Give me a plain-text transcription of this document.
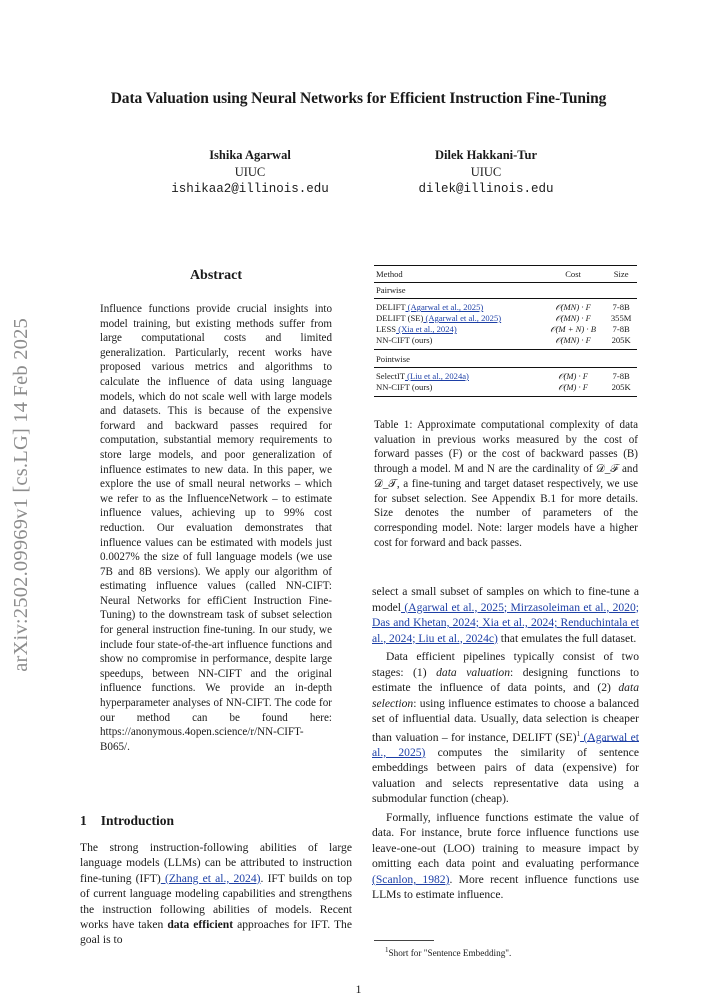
Data Valuation using Neural Networks for Efficient Instruction Fine-Tuning
Ishika Agarwal
UIUC
ishikaa2@illinois.edu
Dilek Hakkani-Tur
UIUC
dilek@illinois.edu
arXiv:2502.09969v1 [cs.LG] 14 Feb 2025
Abstract
Influence functions provide crucial insights into model training, but existing methods suffer from large computational costs and limited generalization. Particularly, recent works have proposed various metrics and algorithms to calculate the influence of data using language models, which do not scale well with large models and datasets. This is because of the expensive forward and backward passes required for computation, substantial memory requirements to store large models, and poor generalization of influence estimates to new data. In this paper, we explore the use of small neural networks – which we refer to as the InfluenceNetwork – to estimate influence values, achieving up to 99% cost reduction. Our evaluation demonstrates that influence values can be estimated with models just 0.0027% the size of full language models (we use 7B and 8B versions). We apply our algorithm of estimating influence values (called NN-CIFT: Neural Networks for effiCient Instruction Fine-Tuning) to the downstream task of subset selection for general instruction fine-tuning. In our study, we include four state-of-the-art influence functions and show no compromise in performance, despite large speedups, between NN-CIFT and the original influence functions. We provide an in-depth hyperparameter analyses of NN-CIFT. The code for our method can be found here: https://anonymous.4open.science/r/NN-CIFT-B065/.
1 Introduction
The strong instruction-following abilities of large language models (LLMs) can be attributed to instruction fine-tuning (IFT) (Zhang et al., 2024). IFT builds on top of current language modeling capabilities and strengthens the instruction following abilities of models. Recent works have taken data efficient approaches for IFT. The goal is to
Method	Cost	Size
Pairwise		
DELIFT (Agarwal et al., 2025)	𝒪(MN) · F	7-8B
DELIFT (SE) (Agarwal et al., 2025)	𝒪(MN) · F	355M
LESS (Xia et al., 2024)	𝒪(M + N) · B	7-8B
NN-CIFT (ours)	𝒪(MN) · F	205K
Pointwise		
SelectIT (Liu et al., 2024a)	𝒪(M) · F	7-8B
NN-CIFT (ours)	𝒪(M) · F	205K
Table 1: Approximate computational complexity of data valuation in previous works measured by the cost of forward passes (F) or the cost of backward passes (B) through a model. M and N are the cardinality of 𝒟_ℱ and 𝒟_𝒯, a fine-tuning and target dataset respectively, we use for subset selection. See Appendix B.1 for more details. Size denotes the number of parameters of the corresponding model. Note: larger models have a higher cost for forward and back passes.

select a small subset of samples on which to fine-tune a model (Agarwal et al., 2025; Mirzasoleiman et al., 2020; Das and Khetan, 2024; Xia et al., 2024; Renduchintala et al., 2024; Liu et al., 2024c) that emulates the full dataset.

Data efficient pipelines typically consist of two stages: (1) data valuation: designing functions to estimate the influence of data points, and (2) data selection: using influence estimates to choose a balanced set of influential data. Usually, data selection is cheaper than valuation – for instance, DELIFT (SE)$^1$ (Agarwal et al., 2025) computes the similarity of sentence embeddings between pairs of data (expensive) for valuation and selects representative data using a submodular function (cheap).

Formally, influence functions estimate the value of data. For instance, brute force influence functions use leave-one-out (LOO) training to measure impact by omitting each data point and evaluating performance (Scanlon, 1982). More recent influence functions use LLMs to estimate influence.

$^1$Short for "Sentence Embedding".
1
